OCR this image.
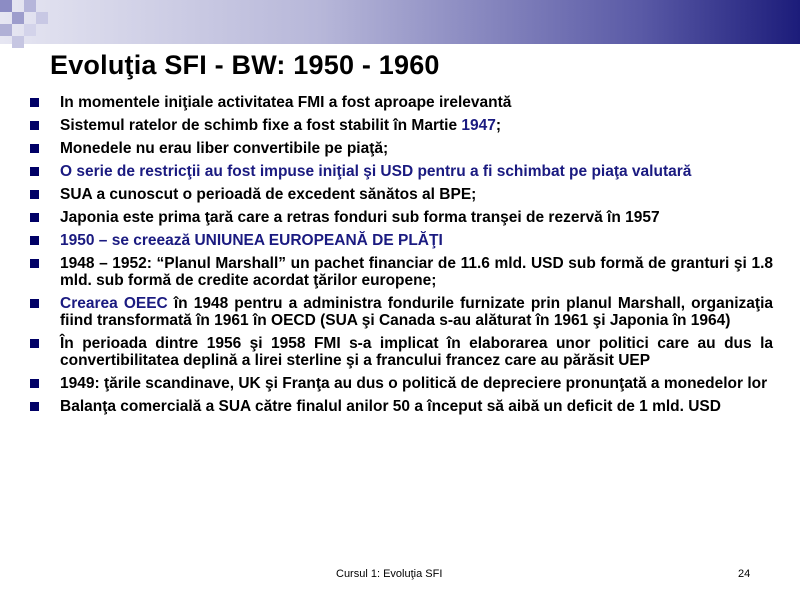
Evoluţia SFI - BW: 1950 - 1960
In momentele iniţiale activitatea FMI a fost aproape irelevantă
Sistemul ratelor de schimb fixe a fost stabilit în Martie 1947;
Monedele nu erau liber convertibile pe piaţă;
O serie de restricţii au fost impuse iniţial şi USD pentru a fi schimbat pe piaţa valutară
SUA a cunoscut o perioadă de excedent sănătos al BPE;
Japonia este prima ţară care a retras fonduri sub forma tranşei de rezervă în 1957
1950 – se creează UNIUNEA EUROPEANĂ DE PLĂŢI
1948 – 1952: “Planul Marshall” un pachet financiar de 11.6 mld. USD sub formă de granturi şi 1.8 mld. sub formă de credite acordat ţărilor europene;
Crearea OEEC în 1948 pentru a administra fondurile furnizate prin planul Marshall, organizaţia fiind transformată în 1961 în OECD (SUA şi Canada s-au alăturat în 1961 şi Japonia în 1964)
În perioada dintre 1956 şi 1958 FMI s-a implicat în elaborarea unor politici care au dus la convertibilitatea deplină a lirei sterline şi a francului francez care au părăsit UEP
1949: ţările scandinave, UK şi Franţa au dus o politică de depreciere pronunţată a monedelor lor
Balanţa comercială a SUA către finalul anilor 50 a început să aibă un deficit de 1 mld. USD
Cursul 1: Evoluţia SFI	24
